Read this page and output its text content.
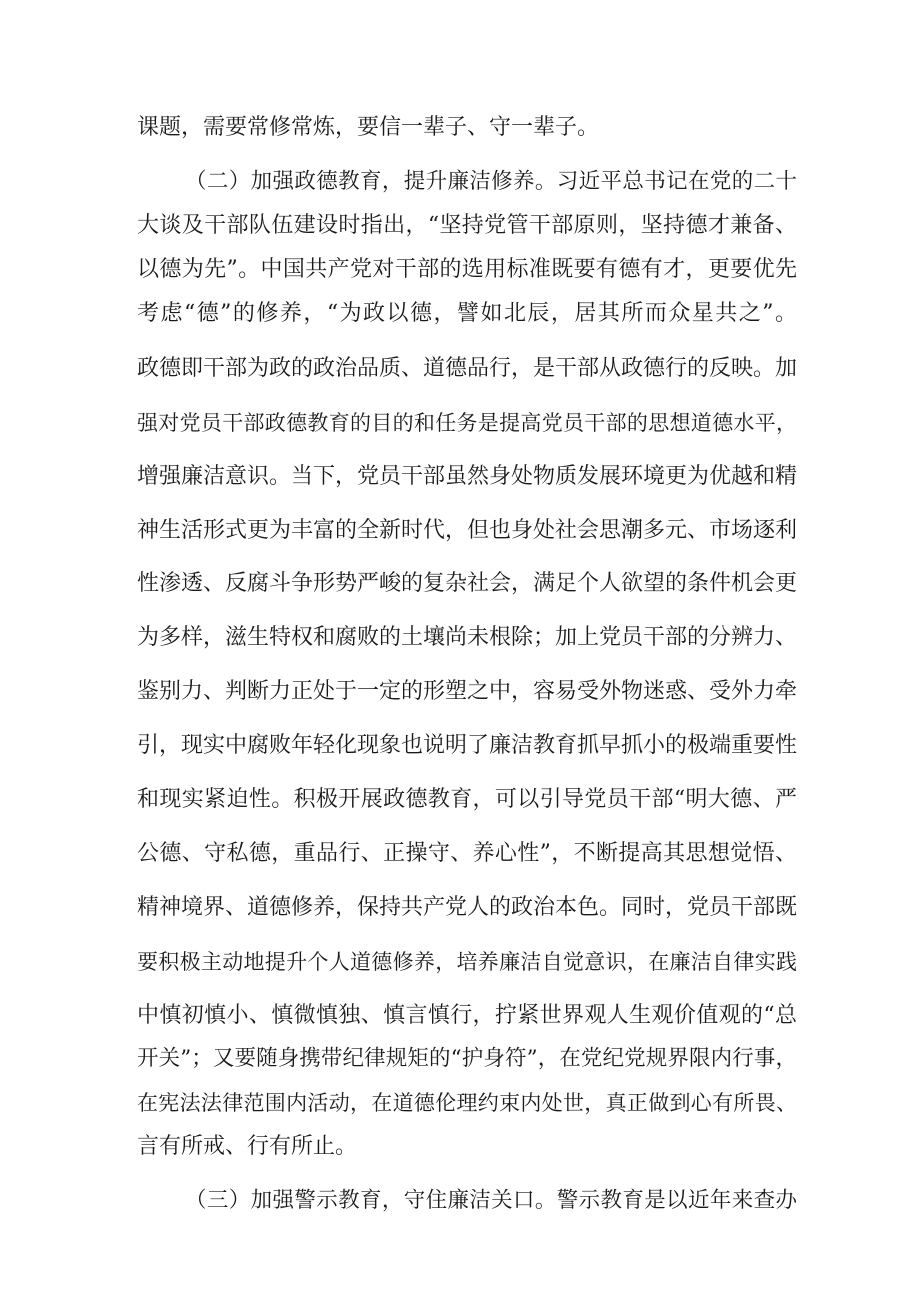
课题，需要常修常炼，要信一辈子、守一辈子。
（二）加强政德教育，提升廉洁修养。习近平总书记在党的二十
大谈及干部队伍建设时指出，“坚持党管干部原则，坚持德才兼备、
以德为先”。中国共产党对干部的选用标准既要有德有才，更要优先
考虑“德”的修养，“为政以德，譬如北辰，居其所而众星共之”。
政德即干部为政的政治品质、道德品行，是干部从政德行的反映。加
强对党员干部政德教育的目的和任务是提高党员干部的思想道德水平，
增强廉洁意识。当下，党员干部虽然身处物质发展环境更为优越和精
神生活形式更为丰富的全新时代，但也身处社会思潮多元、市场逐利
性渗透、反腐斗争形势严峻的复杂社会，满足个人欲望的条件机会更
为多样，滋生特权和腐败的土壤尚未根除；加上党员干部的分辨力、
鉴别力、判断力正处于一定的形塑之中，容易受外物迷惑、受外力牵
引，现实中腐败年轻化现象也说明了廉洁教育抓早抓小的极端重要性
和现实紧迫性。积极开展政德教育，可以引导党员干部“明大德、严
公德、守私德，重品行、正操守、养心性”，不断提高其思想觉悟、
精神境界、道德修养，保持共产党人的政治本色。同时，党员干部既
要积极主动地提升个人道德修养，培养廉洁自觉意识，在廉洁自律实践
中慎初慎小、慎微慎独、慎言慎行，拧紧世界观人生观价值观的“总
开关”；又要随身携带纪律规矩的“护身符”，在党纪党规界限内行事，
在宪法法律范围内活动，在道德伦理约束内处世，真正做到心有所畏、
言有所戒、行有所止。
（三）加强警示教育，守住廉洁关口。警示教育是以近年来查办
